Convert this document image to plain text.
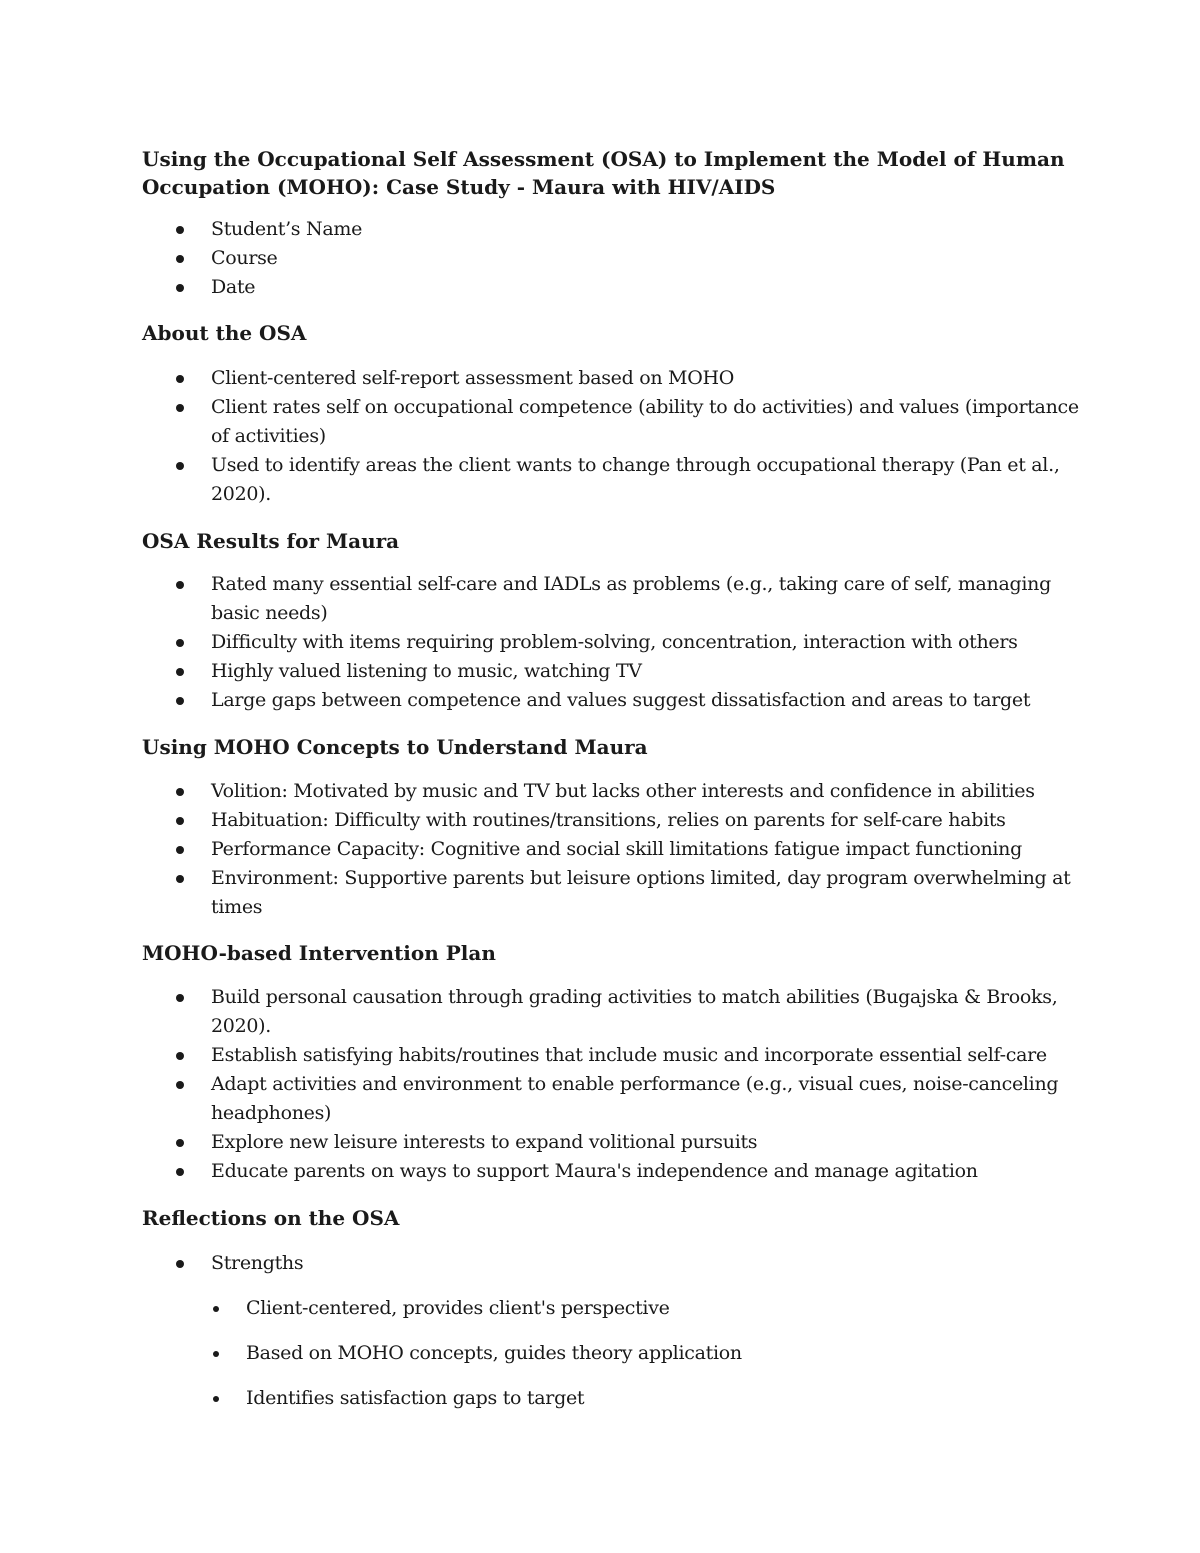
Using the Occupational Self Assessment (OSA) to Implement the Model of Human Occupation (MOHO): Case Study - Maura with HIV/AIDS
Student’s Name
Course
Date
About the OSA
Client-centered self-report assessment based on MOHO
Client rates self on occupational competence (ability to do activities) and values (importance of activities)
Used to identify areas the client wants to change through occupational therapy (Pan et al., 2020).
OSA Results for Maura
Rated many essential self-care and IADLs as problems (e.g., taking care of self, managing basic needs)
Difficulty with items requiring problem-solving, concentration, interaction with others
Highly valued listening to music, watching TV
Large gaps between competence and values suggest dissatisfaction and areas to target
Using MOHO Concepts to Understand Maura
Volition: Motivated by music and TV but lacks other interests and confidence in abilities
Habituation: Difficulty with routines/transitions, relies on parents for self-care habits
Performance Capacity: Cognitive and social skill limitations fatigue impact functioning
Environment: Supportive parents but leisure options limited, day program overwhelming at times
MOHO-based Intervention Plan
Build personal causation through grading activities to match abilities (Bugajska & Brooks, 2020).
Establish satisfying habits/routines that include music and incorporate essential self-care
Adapt activities and environment to enable performance (e.g., visual cues, noise-canceling headphones)
Explore new leisure interests to expand volitional pursuits
Educate parents on ways to support Maura's independence and manage agitation
Reflections on the OSA
Strengths
Client-centered, provides client's perspective
Based on MOHO concepts, guides theory application
Identifies satisfaction gaps to target
